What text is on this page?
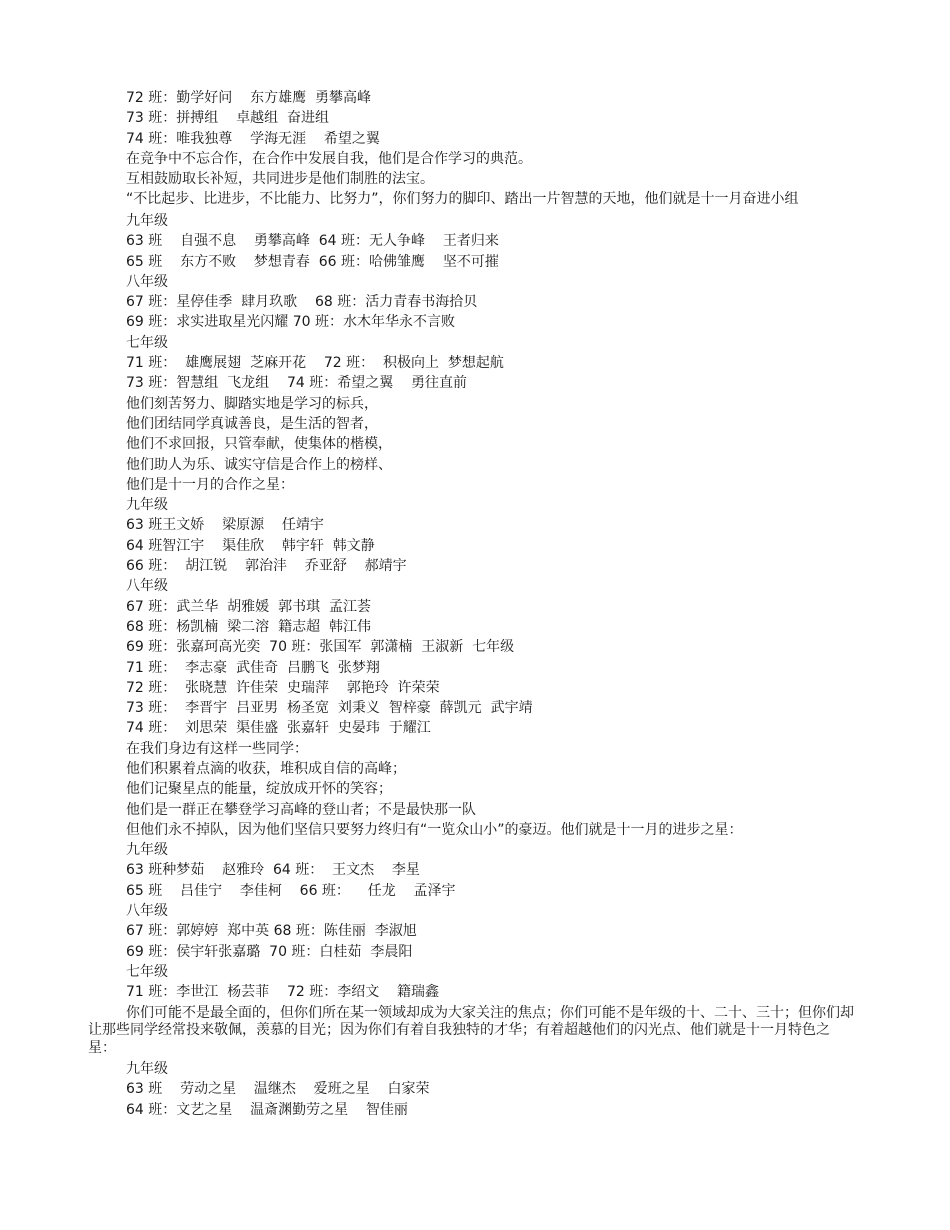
72 班：勤学好问    东方雄鹰  勇攀高峰
73 班：拼搏组    卓越组  奋进组
74 班：唯我独尊    学海无涯    希望之翼
在竞争中不忘合作，在合作中发展自我，他们是合作学习的典范。
互相鼓励取长补短，共同进步是他们制胜的法宝。
“不比起步、比进步，不比能力、比努力”，你们努力的脚印、踏出一片智慧的天地，他们就是十一月奋进小组
九年级
63 班    自强不息    勇攀高峰  64 班：无人争峰    王者归来
65 班    东方不败    梦想青春  66 班：哈佛雏鹰    坚不可摧
八年级
67 班：星停佳季  肆月玖歌    68 班：活力青春书海拾贝
69 班：求实进取星光闪耀 70 班：水木年华永不言败
七年级
71 班：  雄鹰展翅  芝麻开花    72 班：  积极向上  梦想起航
73 班：智慧组  飞龙组    74 班：希望之翼    勇往直前
他们刻苦努力、脚踏实地是学习的标兵，
他们团结同学真诚善良，是生活的智者，
他们不求回报，只管奉献，使集体的楷模，
他们助人为乐、诚实守信是合作上的榜样、
他们是十一月的合作之星：
九年级
63 班王文娇    梁原源    任靖宇
64 班智江宇    渠佳欣    韩宇轩  韩文静
66 班：  胡江锐    郭治沣    乔亚舒    郝靖宇
八年级
67 班：武兰华  胡雅媛  郭书琪  孟江荟
68 班：杨凯楠  梁二溶  籍志超  韩江伟
69 班：张嘉珂高光奕  70 班：张国军  郭潇楠  王淑新  七年级
71 班：  李志豪  武佳奇  吕鹏飞  张梦翔
72 班：  张晓慧  许佳荣  史瑞萍    郭艳玲  许荣荣
73 班：  李晋宇  吕亚男  杨圣宽  刘秉义  智梓豪  薛凯元  武宇靖
74 班：  刘思荣  渠佳盛  张嘉轩  史晏玮  于耀江
在我们身边有这样一些同学：
他们积累着点滴的收获，堆积成自信的高峰；
他们记聚星点的能量，绽放成开怀的笑容；
他们是一群正在攀登学习高峰的登山者；不是最快那一队
但他们永不掉队，因为他们坚信只要努力终归有“一览众山小”的豪迈。他们就是十一月的进步之星：
九年级
63 班种梦茹    赵雅玲  64 班：  王文杰    李星
65 班    吕佳宁    李佳柯    66 班：    任龙    孟泽宇
八年级
67 班：郭婷婷  郑中英 68 班：陈佳丽  李淑旭
69 班：侯宇轩张嘉璐  70 班：白桂茹  李晨阳
七年级
71 班：李世江  杨芸菲    72 班：李绍文    籍瑞鑫
你们可能不是最全面的，但你们所在某一领域却成为大家关注的焦点；你们可能不是年级的十、二十、三十；但你们却让那些同学经常投来敬佩，羡慕的目光；因为你们有着自我独特的才华；有着超越他们的闪光点、他们就是十一月特色之星：
九年级
63 班    劳动之星    温继杰    爱班之星    白家荣
64 班：文艺之星    温斎渊勤劳之星    智佳丽
